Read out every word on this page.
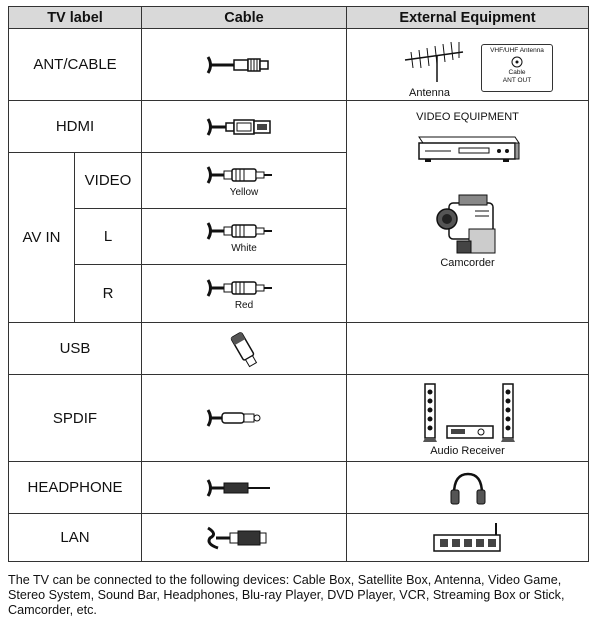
TV label		Cable	External Equipment
ANT/CABLE			Antenna
VHF/UHF Antenna
Cable
ANT OUT

HDMI			VIDEO EQUIPMENT
Camcorder

AV IN	VIDEO	Yellow	

	L	White	

	R	Red	

USB	

SPDIF			Audio Receiver

HEADPHONE	

LAN	

The TV can be connected to the following devices: Cable Box, Satellite Box, Antenna, Video Game, Stereo System, Sound Bar, Headphones, Blu-ray Player, DVD Player, VCR, Streaming Box or Stick, Camcorder, etc.
